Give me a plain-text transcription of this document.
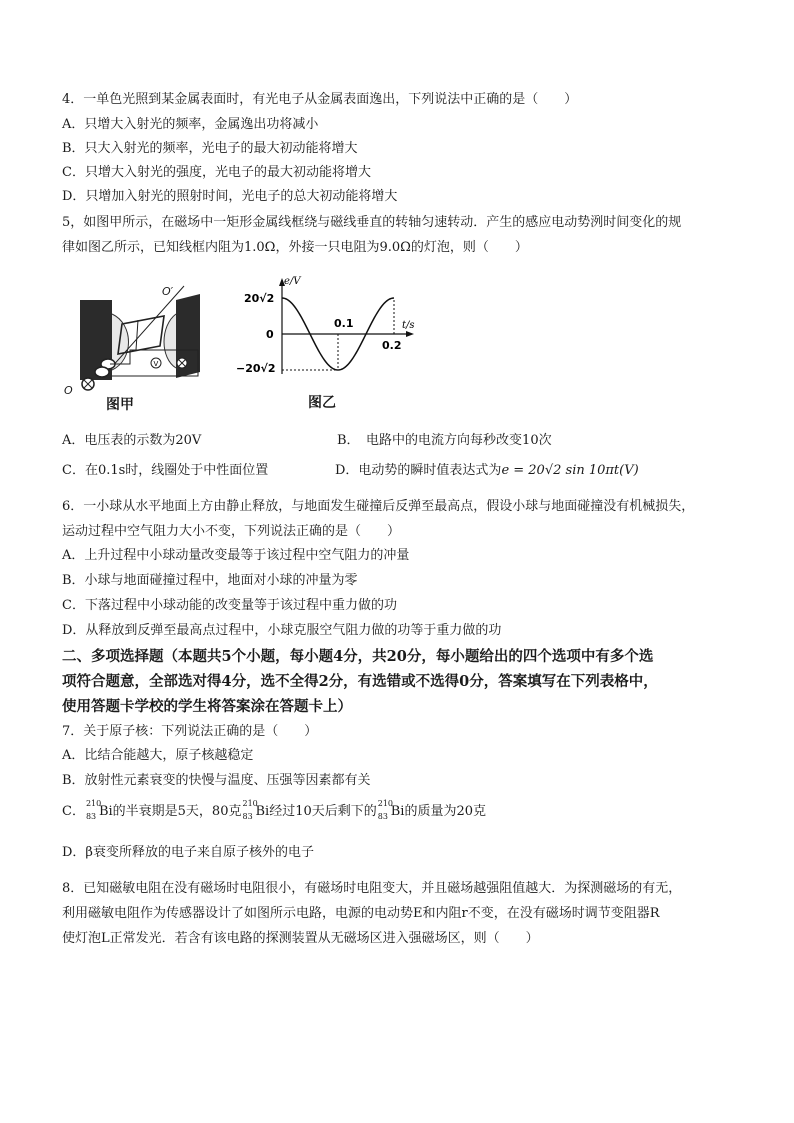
4．一单色光照到某金属表面时，有光电子从金属表面逸出，下列说法中正确的是（　　）
A．只增大入射光的频率，金属逸出功将减小
B．只大入射光的频率，光电子的最大初动能将增大
C．只增大入射光的强度，光电子的最大初动能将增大
D．只增加入射光的照射时间，光电子的总大初动能将增大
5，如图甲所示，在磁场中一矩形金属线框绕与磁线垂直的转轴匀速转动．产生的感应电动势洌时间变化的规
律如图乙所示，已知线框内阻为1.0Ω，外接一只电阻为9.0Ω的灯泡，则（　　）
V
O′
O
图甲
e/V
t/s
20√2
0
−20√2
0.1
0.2
图乙
A．电压表的示数为20V	B．　电路中的电流方向每秒改变10次
C．在0.1s时，线圈处于中性面位置	D．电动势的瞬时值表达式为e = 20√2 sin 10πt(V)
6．一小球从水平地面上方由静止释放，与地面发生碰撞后反弹至最高点，假设小球与地面碰撞没有机械损失，
运动过程中空气阻力大小不变，下列说法正确的是（　　）
A．上升过程中小球动量改变最等于该过程中空气阻力的冲量
B．小球与地面碰撞过程中，地面对小球的冲量为零
C．下落过程中小球动能的改变量等于该过程中重力做的功
D．从释放到反弹至最高点过程中，小球克服空气阻力做的功等于重力做的功
二、多项选择题（本题共5个小题，每小题4分，共20分，每小题给出的四个选项中有多个选
项符合题意，全部选对得4分，选不全得2分，有选错或不选得0分，答案填写在下列表格中，
使用答题卡学校的学生将答案涂在答题卡上）
7．关于原子核：下列说法正确的是（　　）
A．比结合能越大，原子核越稳定
B．放射性元素衰变的快慢与温度、压强等因素都有关
C．
210
83 Bi的半衰期是5天，80克
210
83 Bi经过10天后剩下的
210
83 Bi的质量为20克
D．β衰变所释放的电子来自原子核外的电子
8．已知磁敏电阻在没有磁场时电阻很小，有磁场时电阻变大，并且磁场越强阻值越大．为探测磁场的有无，
利用磁敏电阻作为传感器设计了如图所示电路，电源的电动势E和内阻r不变，在没有磁场时调节变阻器R
使灯泡L正常发光．若含有该电路的探测装置从无磁场区进入强磁场区，则（　　）
